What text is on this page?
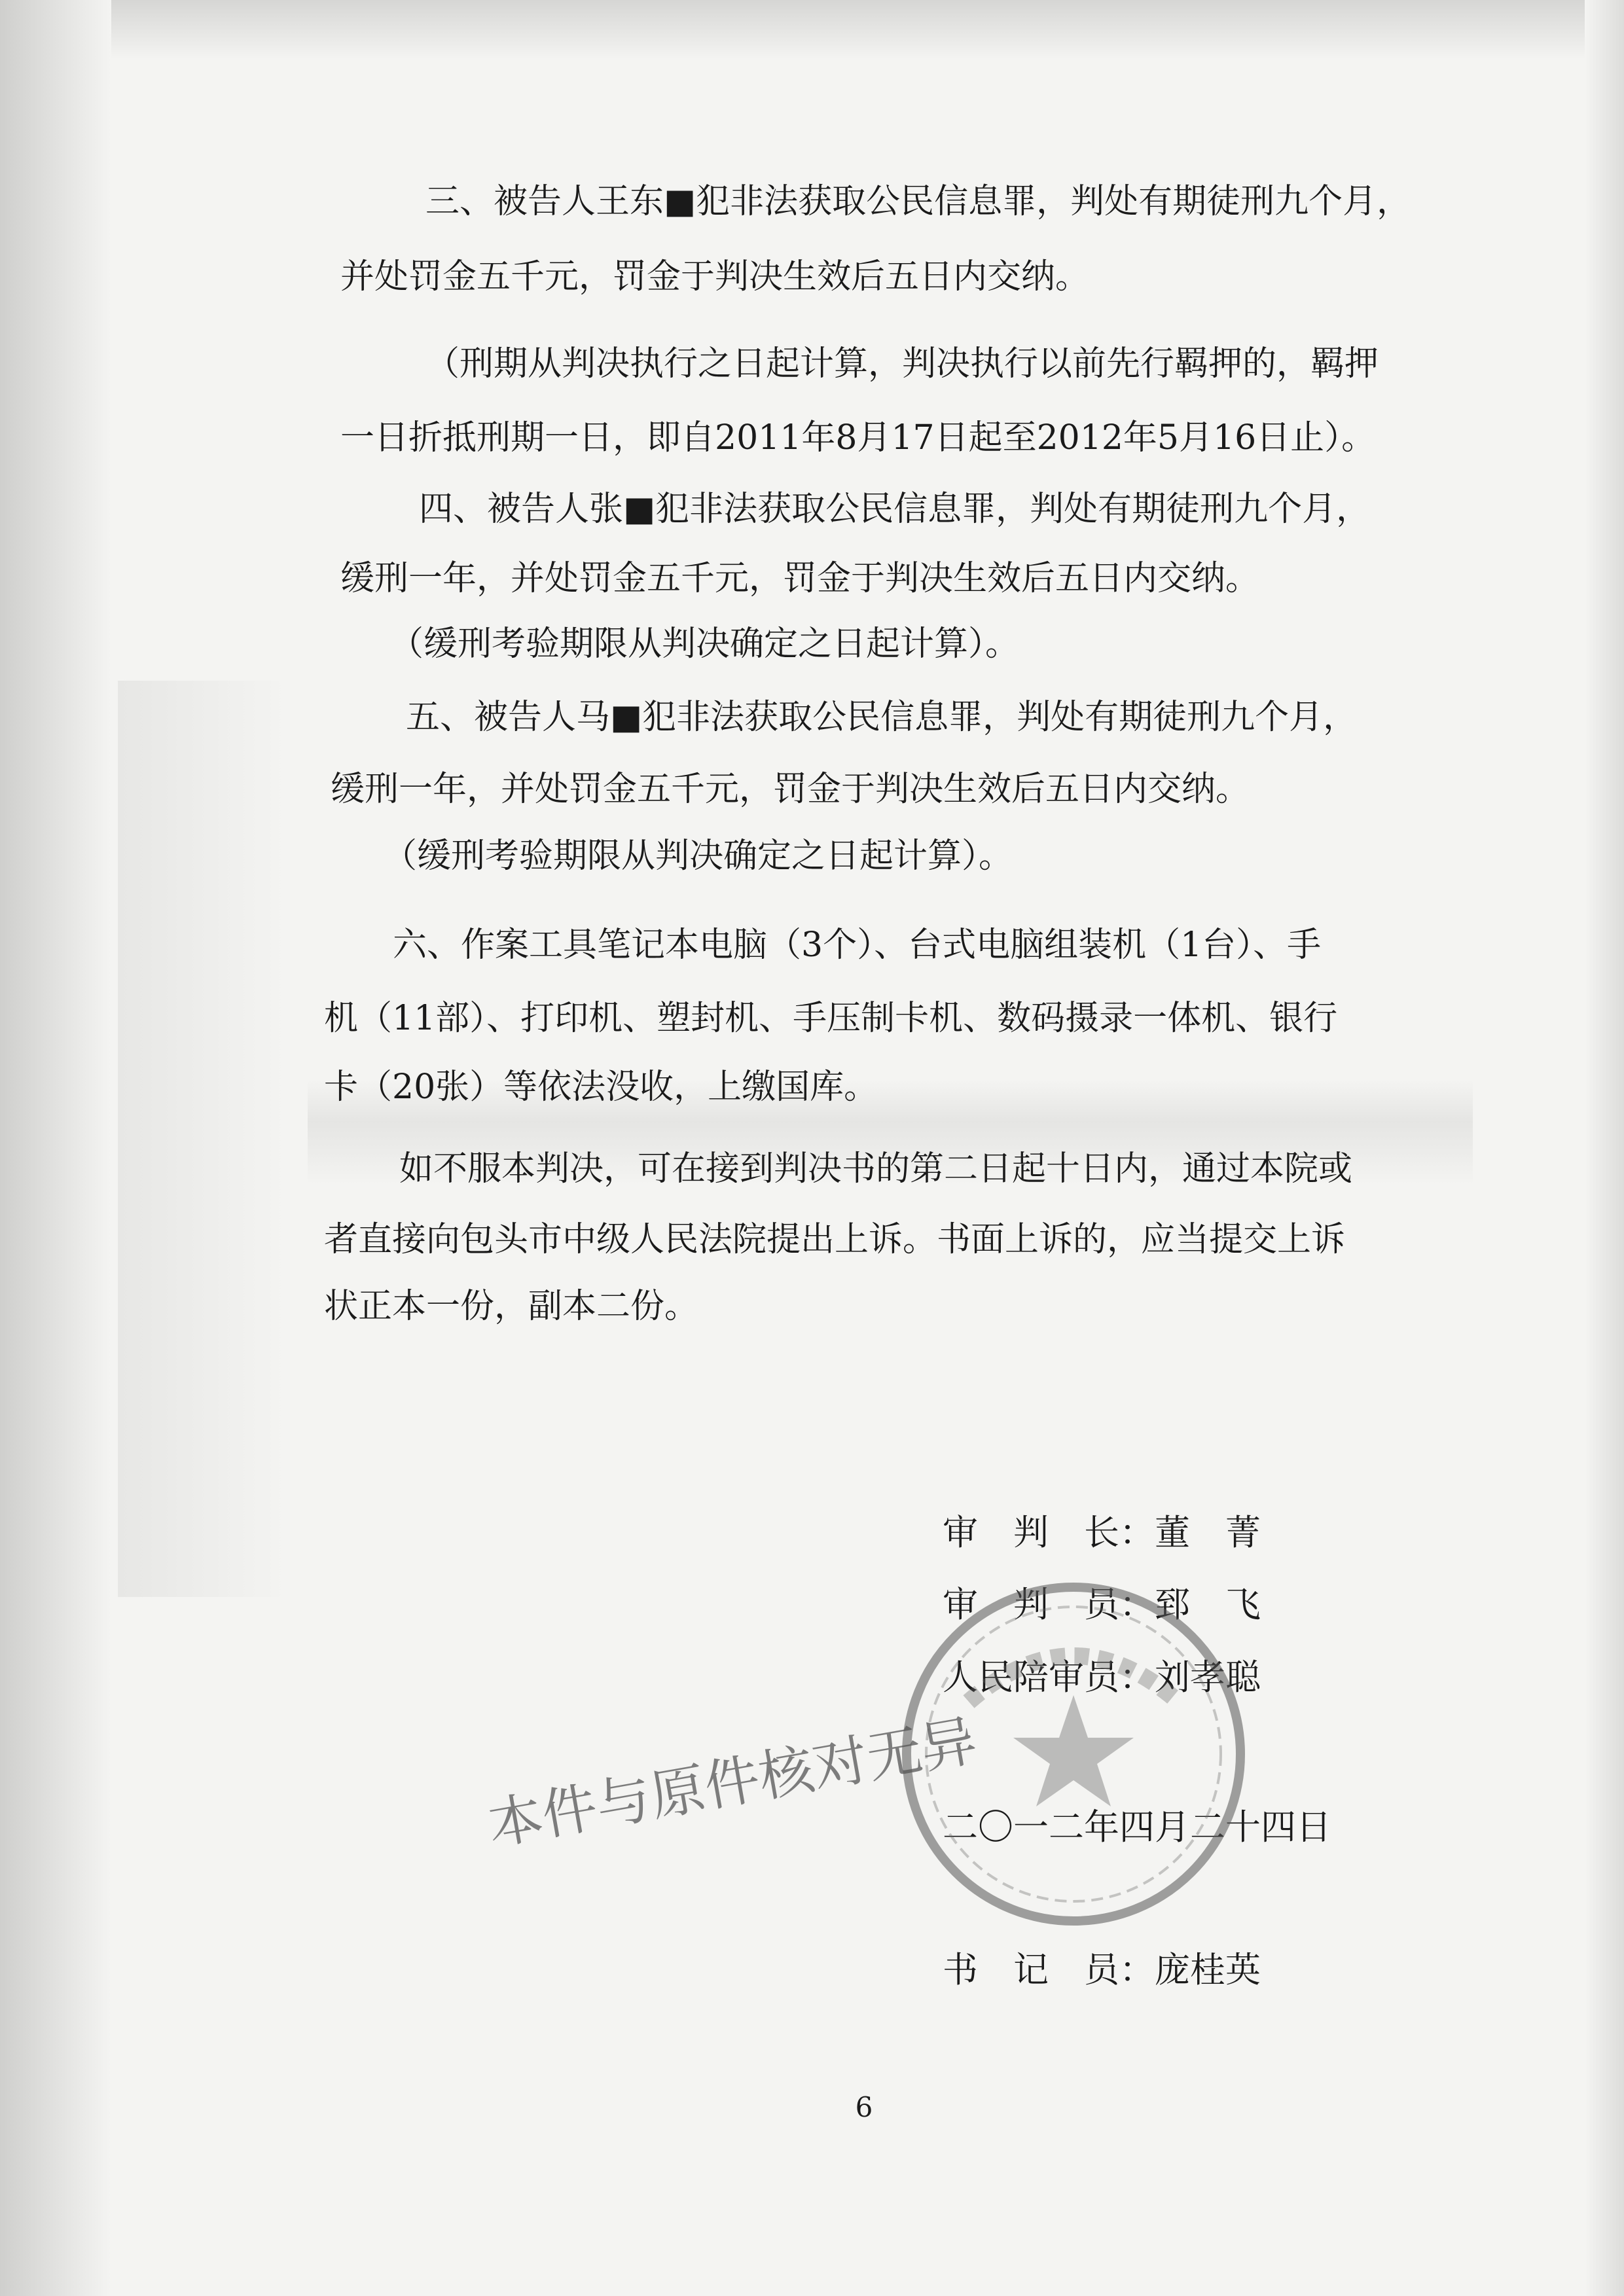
三、被告人王东■犯非法获取公民信息罪，判处有期徒刑九个月，
并处罚金五千元，罚金于判决生效后五日内交纳。
（刑期从判决执行之日起计算，判决执行以前先行羁押的，羁押
一日折抵刑期一日，即自2011年8月17日起至2012年5月16日止）。
四、被告人张■犯非法获取公民信息罪，判处有期徒刑九个月，
缓刑一年，并处罚金五千元，罚金于判决生效后五日内交纳。
（缓刑考验期限从判决确定之日起计算）。
五、被告人马■犯非法获取公民信息罪，判处有期徒刑九个月，
缓刑一年，并处罚金五千元，罚金于判决生效后五日内交纳。
（缓刑考验期限从判决确定之日起计算）。
六、作案工具笔记本电脑（3个）、台式电脑组装机（1台）、手
机（11部）、打印机、塑封机、手压制卡机、数码摄录一体机、银行
卡（20张）等依法没收，上缴国库。
如不服本判决，可在接到判决书的第二日起十日内，通过本院或
者直接向包头市中级人民法院提出上诉。书面上诉的，应当提交上诉
状正本一份，副本二份。
审　判　长：董　菁
审　判　员：郅　飞
人民陪审员：刘孝聪
二〇一二年四月二十四日
书　记　员：庞桂英
本件与原件核对无异
6
